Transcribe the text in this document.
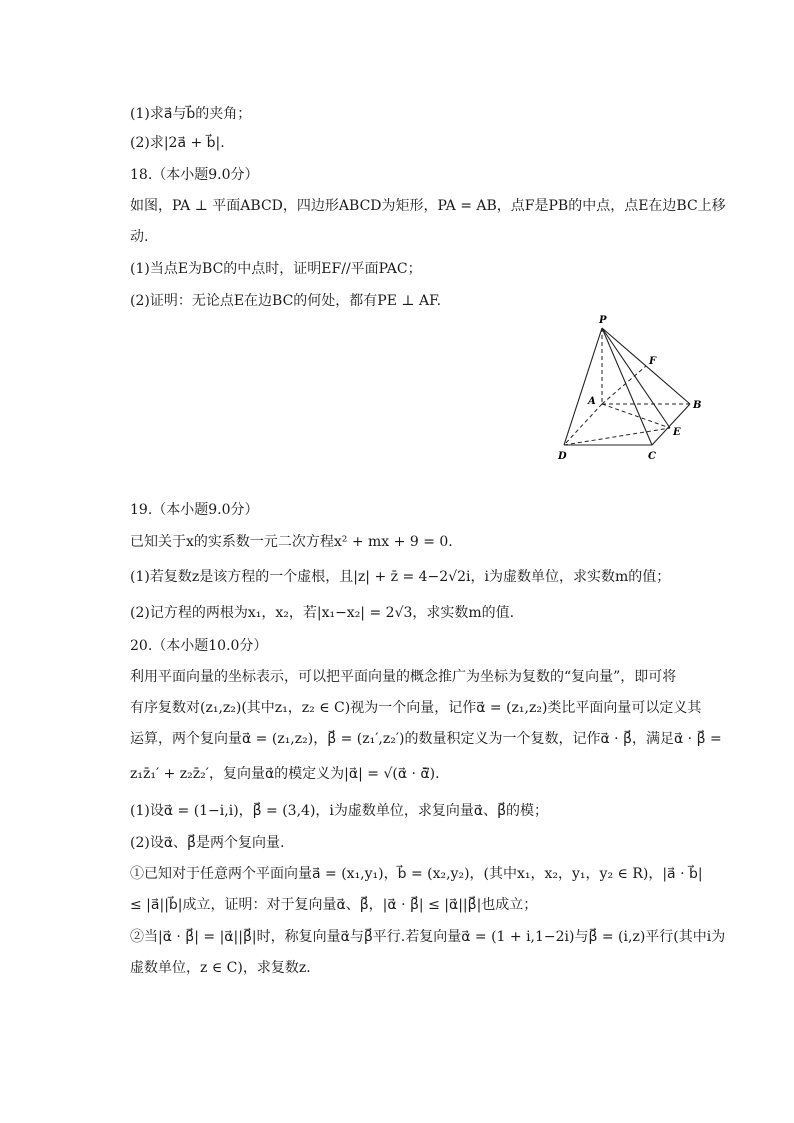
(1)求a⃗与b⃗的夹角；
(2)求|2a⃗ + b⃗|.
18.（本小题9.0分）
如图，PA ⊥ 平面ABCD，四边形ABCD为矩形，PA = AB，点F是PB的中点，点E在边BC上移
动.
(1)当点E为BC的中点时，证明EF//平面PAC；
(2)证明：无论点E在边BC的何处，都有PE ⊥ AF.
P
F
A	B
E
D	C
19.（本小题9.0分）
已知关于x的实系数一元二次方程x² + mx + 9 = 0.
(1)若复数z是该方程的一个虚根，且|z| + z̄ = 4−2√2i，i为虚数单位，求实数m的值；
(2)记方程的两根为x₁，x₂，若|x₁−x₂| = 2√3，求实数m的值.
20.（本小题10.0分）
利用平面向量的坐标表示，可以把平面向量的概念推广为坐标为复数的“复向量”，即可将
有序复数对(z₁,z₂)(其中z₁，z₂ ∈ C)视为一个向量，记作α⃗ = (z₁,z₂)类比平面向量可以定义其
运算，两个复向量α⃗ = (z₁,z₂)，β⃗ = (z₁′,z₂′)的数量积定义为一个复数，记作α⃗ · β⃗，满足α⃗ · β⃗ =
z₁z̄₁′ + z₂z̄₂′，复向量α⃗的模定义为|α⃗| = √(α⃗ · ᾱ⃗).
(1)设α⃗ = (1−i,i)，β⃗ = (3,4)，i为虚数单位，求复向量α⃗、β⃗的模；
(2)设α⃗、β⃗是两个复向量.
①已知对于任意两个平面向量a⃗ = (x₁,y₁)，b⃗ = (x₂,y₂)，(其中x₁，x₂，y₁，y₂ ∈ R)，|a⃗ · b⃗|
≤ |a⃗||b⃗|成立，证明：对于复向量α⃗、β⃗，|α⃗ · β⃗| ≤ |α⃗||β⃗|也成立；
②当|α⃗ · β⃗| = |α⃗||β⃗|时，称复向量α⃗与β⃗平行.若复向量α⃗ = (1 + i,1−2i)与β⃗ = (i,z)平行(其中i为
虚数单位，z ∈ C)，求复数z.
